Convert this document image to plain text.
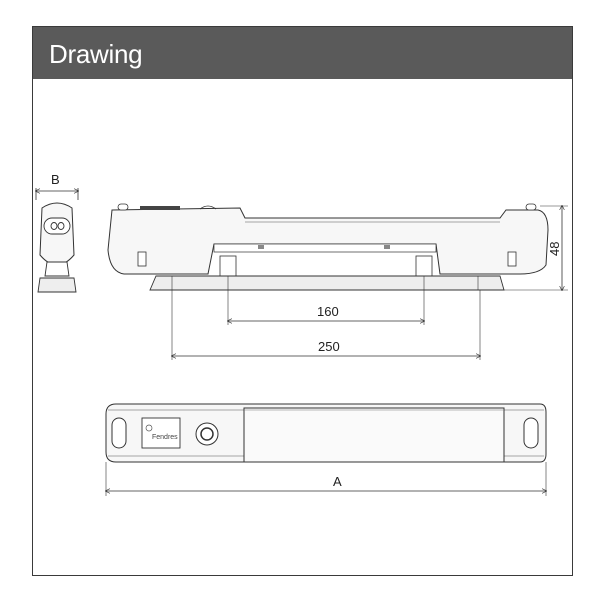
Drawing
B
48
160
250
Fendres
A
